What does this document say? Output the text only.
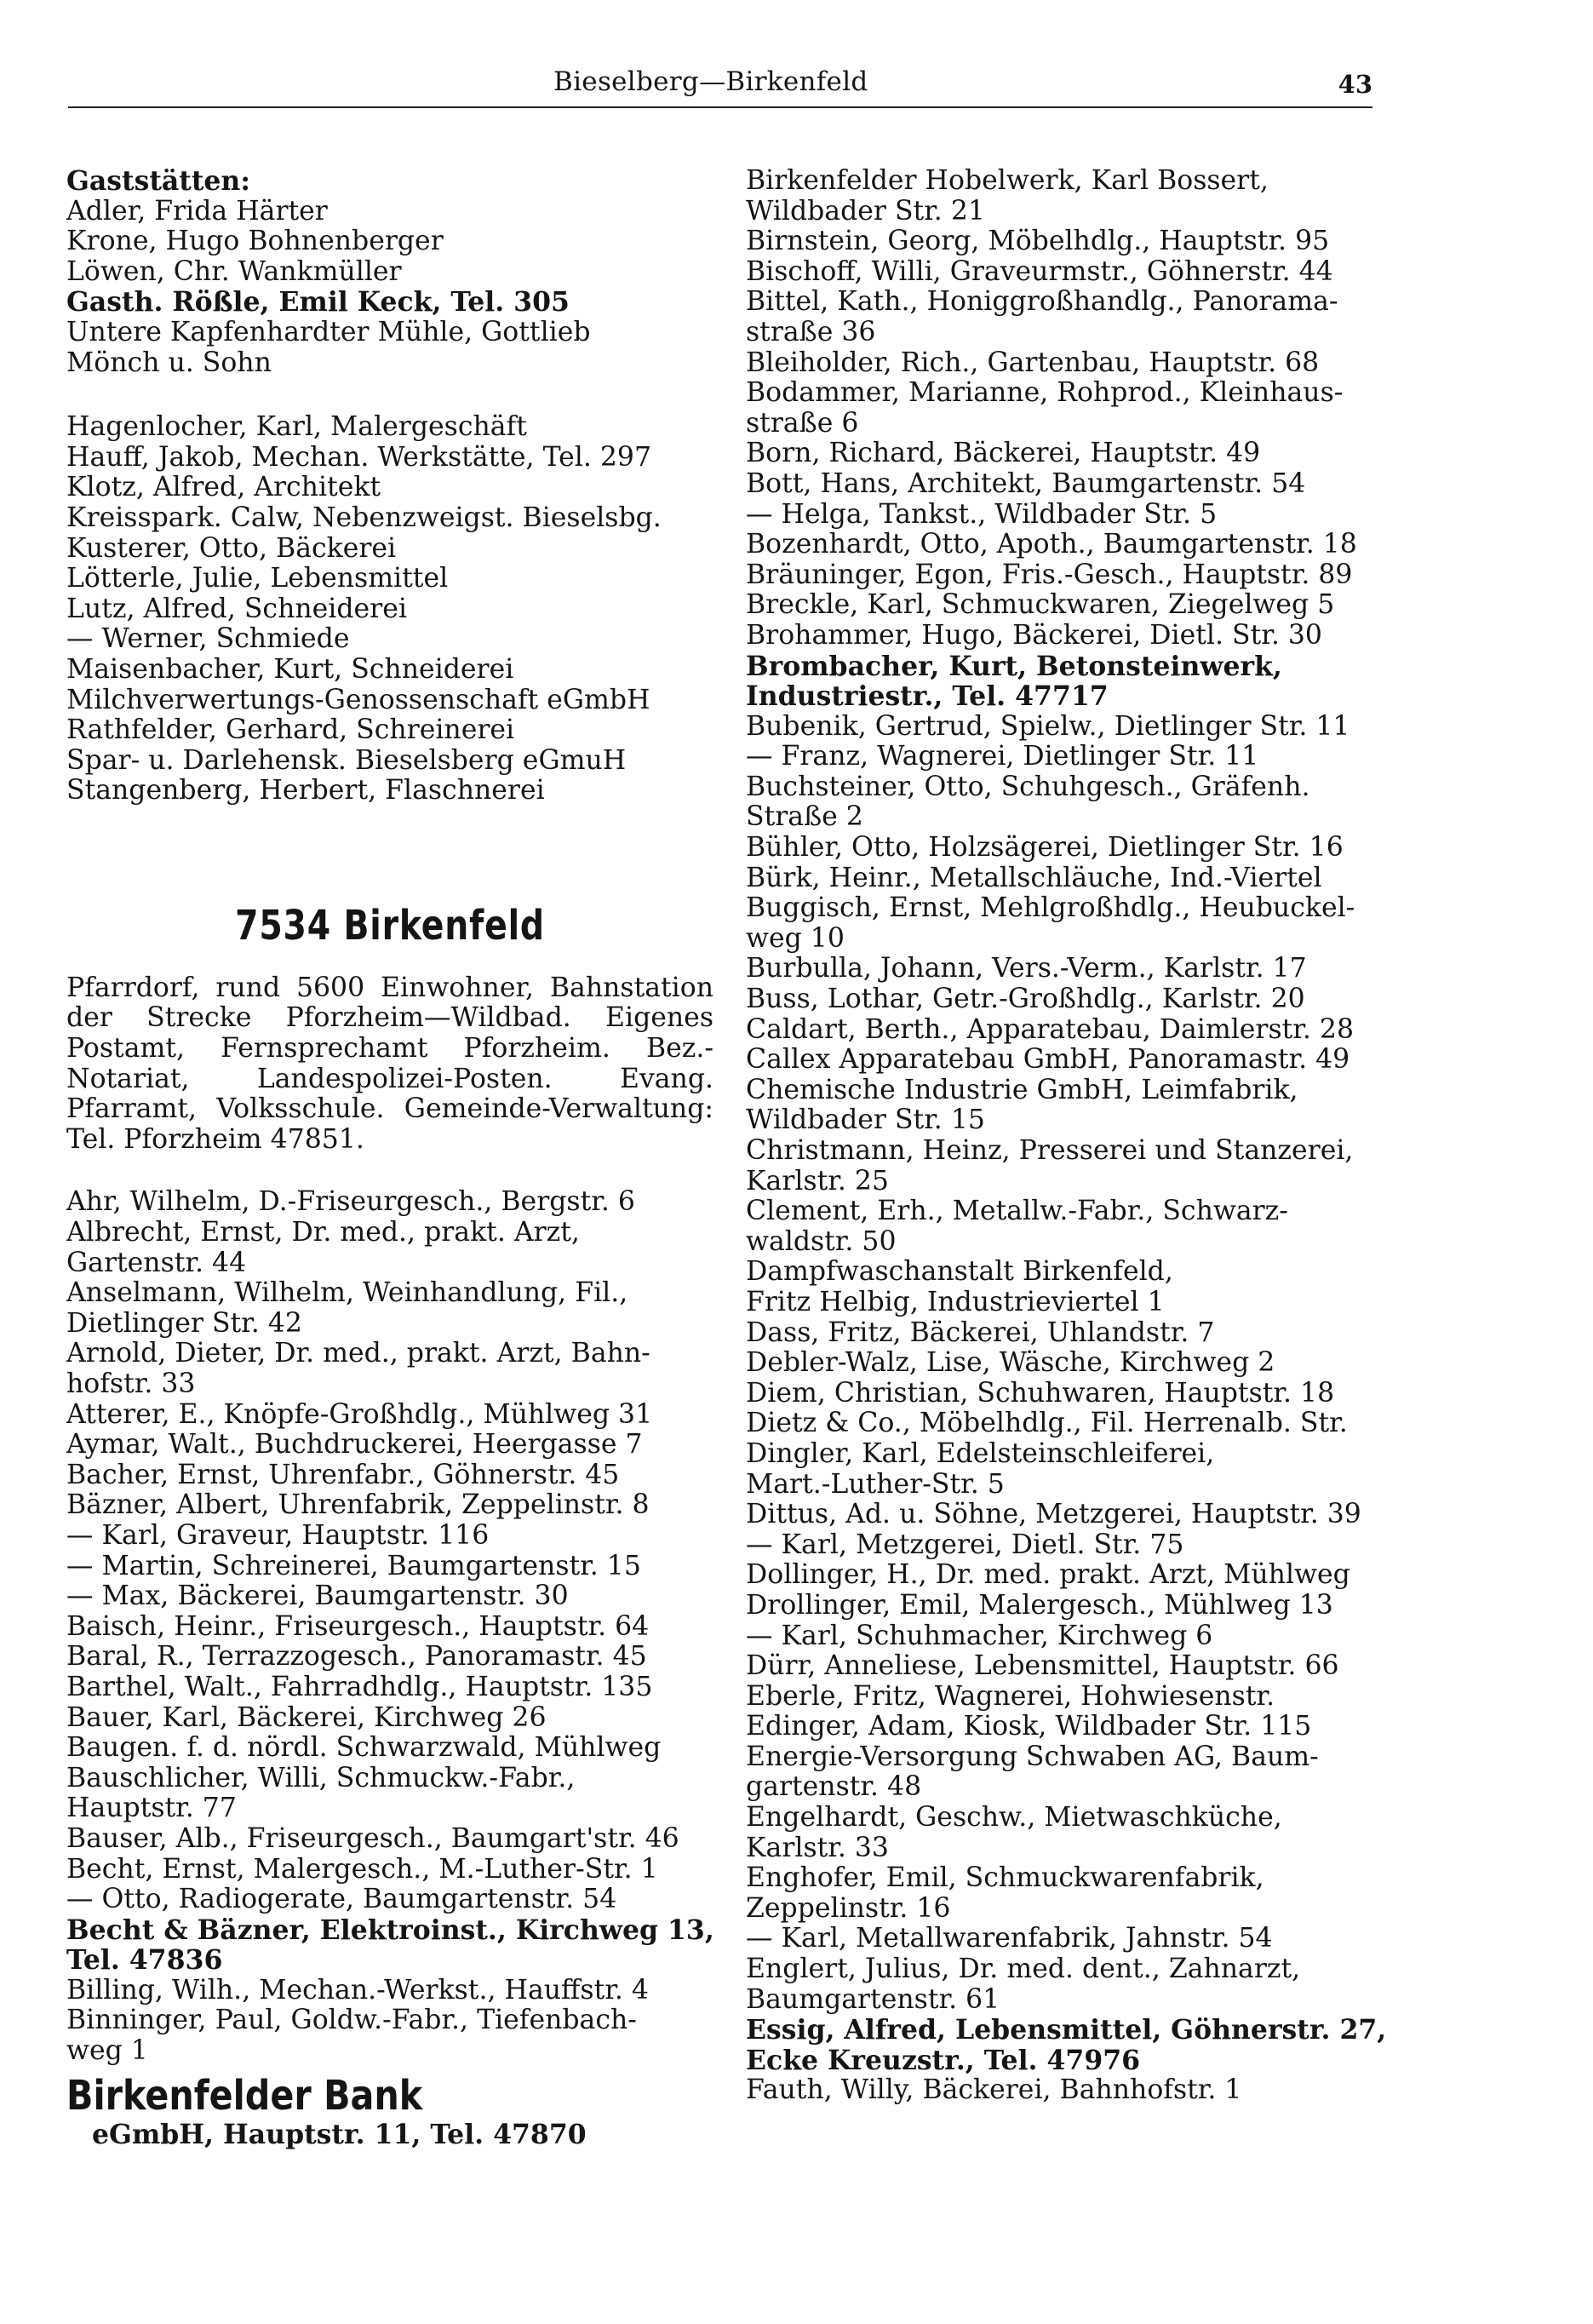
Bieselberg—Birkenfeld	43
Gaststätten:
Adler, Frida Härter
Krone, Hugo Bohnenberger
Löwen, Chr. Wankmüller
Gasth. Rößle, Emil Keck, Tel. 305
Untere Kapfenhardter Mühle, Gottlieb
Mönch u. Sohn
Hagenlocher, Karl, Malergeschäft
Hauff, Jakob, Mechan. Werkstätte, Tel. 297
Klotz, Alfred, Architekt
Kreisspark. Calw, Nebenzweigst. Bieselsbg.
Kusterer, Otto, Bäckerei
Lötterle, Julie, Lebensmittel
Lutz, Alfred, Schneiderei
— Werner, Schmiede
Maisenbacher, Kurt, Schneiderei
Milchverwertungs-Genossenschaft eGmbH
Rathfelder, Gerhard, Schreinerei
Spar- u. Darlehensk. Bieselsberg eGmuH
Stangenberg, Herbert, Flaschnerei
7534 Birkenfeld
Pfarrdorf, rund 5600 Einwohner, Bahnstation der Strecke Pforzheim—Wildbad. Eigenes Postamt, Fernsprechamt Pforzheim. Bez.-Notariat, Landespolizei-Posten. Evang. Pfarramt, Volksschule. Gemeinde-Verwaltung: Tel. Pforzheim 47851.
Ahr, Wilhelm, D.-Friseurgesch., Bergstr. 6
Albrecht, Ernst, Dr. med., prakt. Arzt,
Gartenstr. 44
Anselmann, Wilhelm, Weinhandlung, Fil.,
Dietlinger Str. 42
Arnold, Dieter, Dr. med., prakt. Arzt, Bahn-
hofstr. 33
Atterer, E., Knöpfe-Großhdlg., Mühlweg 31
Aymar, Walt., Buchdruckerei, Heergasse 7
Bacher, Ernst, Uhrenfabr., Göhnerstr. 45
Bäzner, Albert, Uhrenfabrik, Zeppelinstr. 8
— Karl, Graveur, Hauptstr. 116
— Martin, Schreinerei, Baumgartenstr. 15
— Max, Bäckerei, Baumgartenstr. 30
Baisch, Heinr., Friseurgesch., Hauptstr. 64
Baral, R., Terrazzogesch., Panoramastr. 45
Barthel, Walt., Fahrradhdlg., Hauptstr. 135
Bauer, Karl, Bäckerei, Kirchweg 26
Baugen. f. d. nördl. Schwarzwald, Mühlweg
Bauschlicher, Willi, Schmuckw.-Fabr.,
Hauptstr. 77
Bauser, Alb., Friseurgesch., Baumgart'str. 46
Becht, Ernst, Malergesch., M.-Luther-Str. 1
— Otto, Radiogerate, Baumgartenstr. 54
Becht & Bäzner, Elektroinst., Kirchweg 13,
Tel. 47836
Billing, Wilh., Mechan.-Werkst., Hauffstr. 4
Binninger, Paul, Goldw.-Fabr., Tiefenbach-
weg 1
Birkenfelder Bank
eGmbH, Hauptstr. 11, Tel. 47870
Birkenfelder Hobelwerk, Karl Bossert,
Wildbader Str. 21
Birnstein, Georg, Möbelhdlg., Hauptstr. 95
Bischoff, Willi, Graveurmstr., Göhnerstr. 44
Bittel, Kath., Honiggroßhandlg., Panorama-
straße 36
Bleiholder, Rich., Gartenbau, Hauptstr. 68
Bodammer, Marianne, Rohprod., Kleinhaus-
straße 6
Born, Richard, Bäckerei, Hauptstr. 49
Bott, Hans, Architekt, Baumgartenstr. 54
— Helga, Tankst., Wildbader Str. 5
Bozenhardt, Otto, Apoth., Baumgartenstr. 18
Bräuninger, Egon, Fris.-Gesch., Hauptstr. 89
Breckle, Karl, Schmuckwaren, Ziegelweg 5
Brohammer, Hugo, Bäckerei, Dietl. Str. 30
Brombacher, Kurt, Betonsteinwerk,
Industriestr., Tel. 47717
Bubenik, Gertrud, Spielw., Dietlinger Str. 11
— Franz, Wagnerei, Dietlinger Str. 11
Buchsteiner, Otto, Schuhgesch., Gräfenh.
Straße 2
Bühler, Otto, Holzsägerei, Dietlinger Str. 16
Bürk, Heinr., Metallschläuche, Ind.-Viertel
Buggisch, Ernst, Mehlgroßhdlg., Heubuckel-
weg 10
Burbulla, Johann, Vers.-Verm., Karlstr. 17
Buss, Lothar, Getr.-Großhdlg., Karlstr. 20
Caldart, Berth., Apparatebau, Daimlerstr. 28
Callex Apparatebau GmbH, Panoramastr. 49
Chemische Industrie GmbH, Leimfabrik,
Wildbader Str. 15
Christmann, Heinz, Presserei und Stanzerei,
Karlstr. 25
Clement, Erh., Metallw.-Fabr., Schwarz-
waldstr. 50
Dampfwaschanstalt Birkenfeld,
Fritz Helbig, Industrieviertel 1
Dass, Fritz, Bäckerei, Uhlandstr. 7
Debler-Walz, Lise, Wäsche, Kirchweg 2
Diem, Christian, Schuhwaren, Hauptstr. 18
Dietz & Co., Möbelhdlg., Fil. Herrenalb. Str.
Dingler, Karl, Edelsteinschleiferei,
Mart.-Luther-Str. 5
Dittus, Ad. u. Söhne, Metzgerei, Hauptstr. 39
— Karl, Metzgerei, Dietl. Str. 75
Dollinger, H., Dr. med. prakt. Arzt, Mühlweg
Drollinger, Emil, Malergesch., Mühlweg 13
— Karl, Schuhmacher, Kirchweg 6
Dürr, Anneliese, Lebensmittel, Hauptstr. 66
Eberle, Fritz, Wagnerei, Hohwiesenstr.
Edinger, Adam, Kiosk, Wildbader Str. 115
Energie-Versorgung Schwaben AG, Baum-
gartenstr. 48
Engelhardt, Geschw., Mietwaschküche,
Karlstr. 33
Enghofer, Emil, Schmuckwarenfabrik,
Zeppelinstr. 16
— Karl, Metallwarenfabrik, Jahnstr. 54
Englert, Julius, Dr. med. dent., Zahnarzt,
Baumgartenstr. 61
Essig, Alfred, Lebensmittel, Göhnerstr. 27,
Ecke Kreuzstr., Tel. 47976
Fauth, Willy, Bäckerei, Bahnhofstr. 1
